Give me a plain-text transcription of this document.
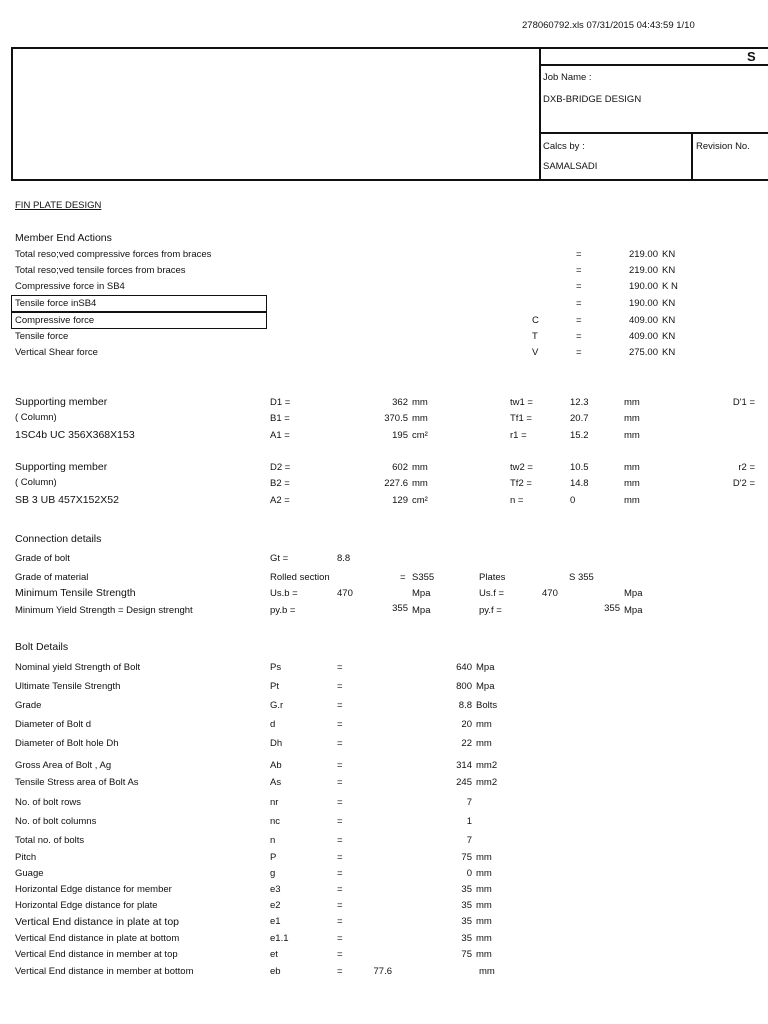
278060792.xls 07/31/2015 04:43:59 1/10
S
Job Name :
DXB-BRIDGE DESIGN
Calcs by :
SAMALSADI
Revision No.
FIN PLATE DESIGN
Member End Actions
Total reso;ved compressive forces from braces	=	219.00 KN
Total reso;ved tensile forces from braces	=	219.00 KN
Compressive force in SB4	=	190.00 K N
Tensile force inSB4	=	190.00 KN
Compressive force	C	=	409.00 KN
Tensile force	T	=	409.00 KN
Vertical Shear force	V	=	275.00 KN
Supporting member
( Column)
1SC4b UC 356X368X153
D1 =	362 mm	tw1 =	12.3	mm	D'1 =
B1 =	370.5 mm	Tf1 =	20.7	mm
A1 =	195 cm²	r1 =	15.2	mm
Supporting member
( Column)
SB 3 UB 457X152X52
D2 =	602 mm	tw2 =	10.5	mm	r2 =
B2 =	227.6 mm	Tf2 =	14.8	mm	D'2 =
A2 =	129 cm²	n =	0	mm
Connection details
Grade of bolt	Gt =	8.8
Grade of material	Rolled section	= S355	Plates	S 355
Minimum Tensile Strength	Us.b =	470	Mpa	Us.f =	470	Mpa
Minimum Yield Strength = Design strenght	py.b =	355 Mpa	py.f =	355 Mpa
Bolt Details
Nominal yield Strength of Bolt	Ps	=	640 Mpa
Ultimate Tensile Strength	Pt	=	800 Mpa
Grade	G.r	=	8.8 Bolts
Diameter of Bolt d	d	=	20 mm
Diameter of Bolt hole Dh	Dh	=	22 mm
Gross Area of Bolt , Ag	Ab	=	314 mm2
Tensile Stress area of Bolt As	As	=	245 mm2
No. of bolt rows	nr	=	7
No. of bolt columns	nc	=	1
Total no. of bolts	n	=	7
Pitch	P	=	75 mm
Guage	g	=	0 mm
Horizontal Edge distance for member	e3	=	35 mm
Horizontal Edge distance for plate	e2	=	35 mm
Vertical End distance in plate at top	e1	=	35 mm
Vertical End distance in plate at bottom	e1.1	=	35 mm
Vertical End distance in member at top	et	=	75 mm
Vertical End distance in member at bottom	eb	=	77.6	mm
